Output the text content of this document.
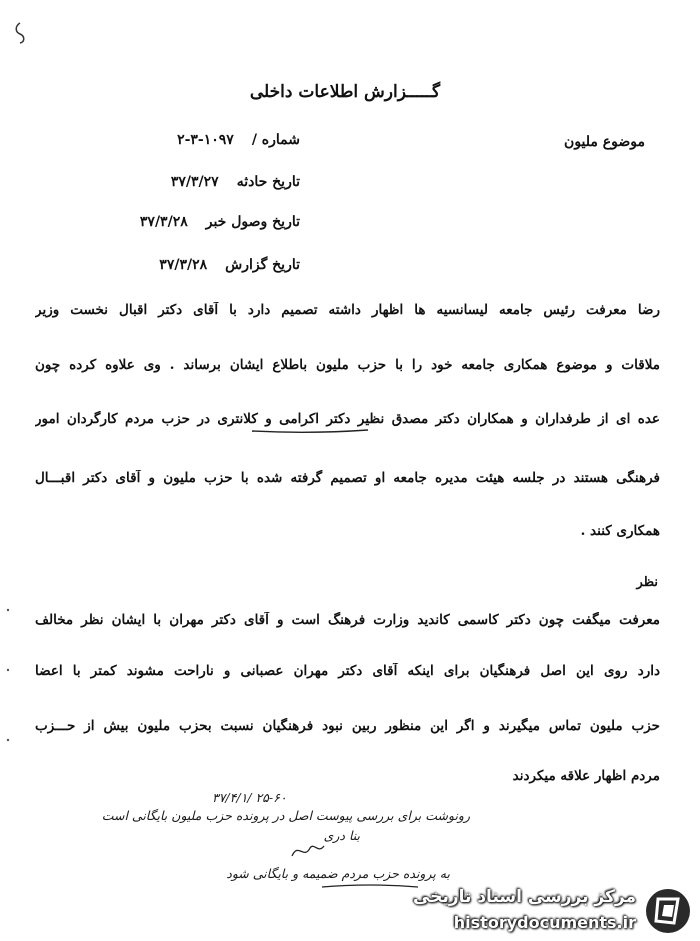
گـــــزارش اطلاعات داخلی
موضوع ملیون
شماره /
۲-۳-۱۰۹۷
تاریخ حادثه
۳۷/۳/۲۷
تاریخ وصول خبر
۳۷/۳/۲۸
تاریخ گزارش
۳۷/۳/۲۸
رضا معرفت رئیس جامعه لیسانسیه ها اظهار داشته تصمیم دارد با آقای دکتر اقبال نخست وزیر
ملاقات و موضوع همکاری جامعه خود را با حزب ملیون باطلاع ایشان برساند . وی علاوه کرده چون
عده ای از طرفداران و همکاران دکتر مصدق نظیر دکتر اکرامی و کلانتری در حزب مردم کارگردان امور
فرهنگی هستند در جلسه هیئت مدیره جامعه او تصمیم گرفته شده با حزب ملیون و آقای دکتر اقبـــال
همکاری کنند .
نظر
معرفت میگفت چون دکتر کاسمی کاندید وزارت فرهنگ است و آقای دکتر مهران با ایشان نظر مخالف
دارد روی این اصل فرهنگیان برای اینکه آقای دکتر مهران عصبانی و ناراحت مشوند کمتر با اعضا
حزب ملیون تماس میگیرند و اگر این منظور ربین نبود فرهنگیان نسبت بحزب ملیون بیش از حـــزب
مردم اظهار علاقه میکردند
۳۷/۴/۱/ ۲۵-۶۰
رونوشت برای بررسی پیوست اصل در پرونده حزب ملیون بایگانی است
بنا دری
به پرونده حزب مردم ضمیمه و بایگانی شود
مرکز بررسی اسناد تاریخی
historydocuments.ir
